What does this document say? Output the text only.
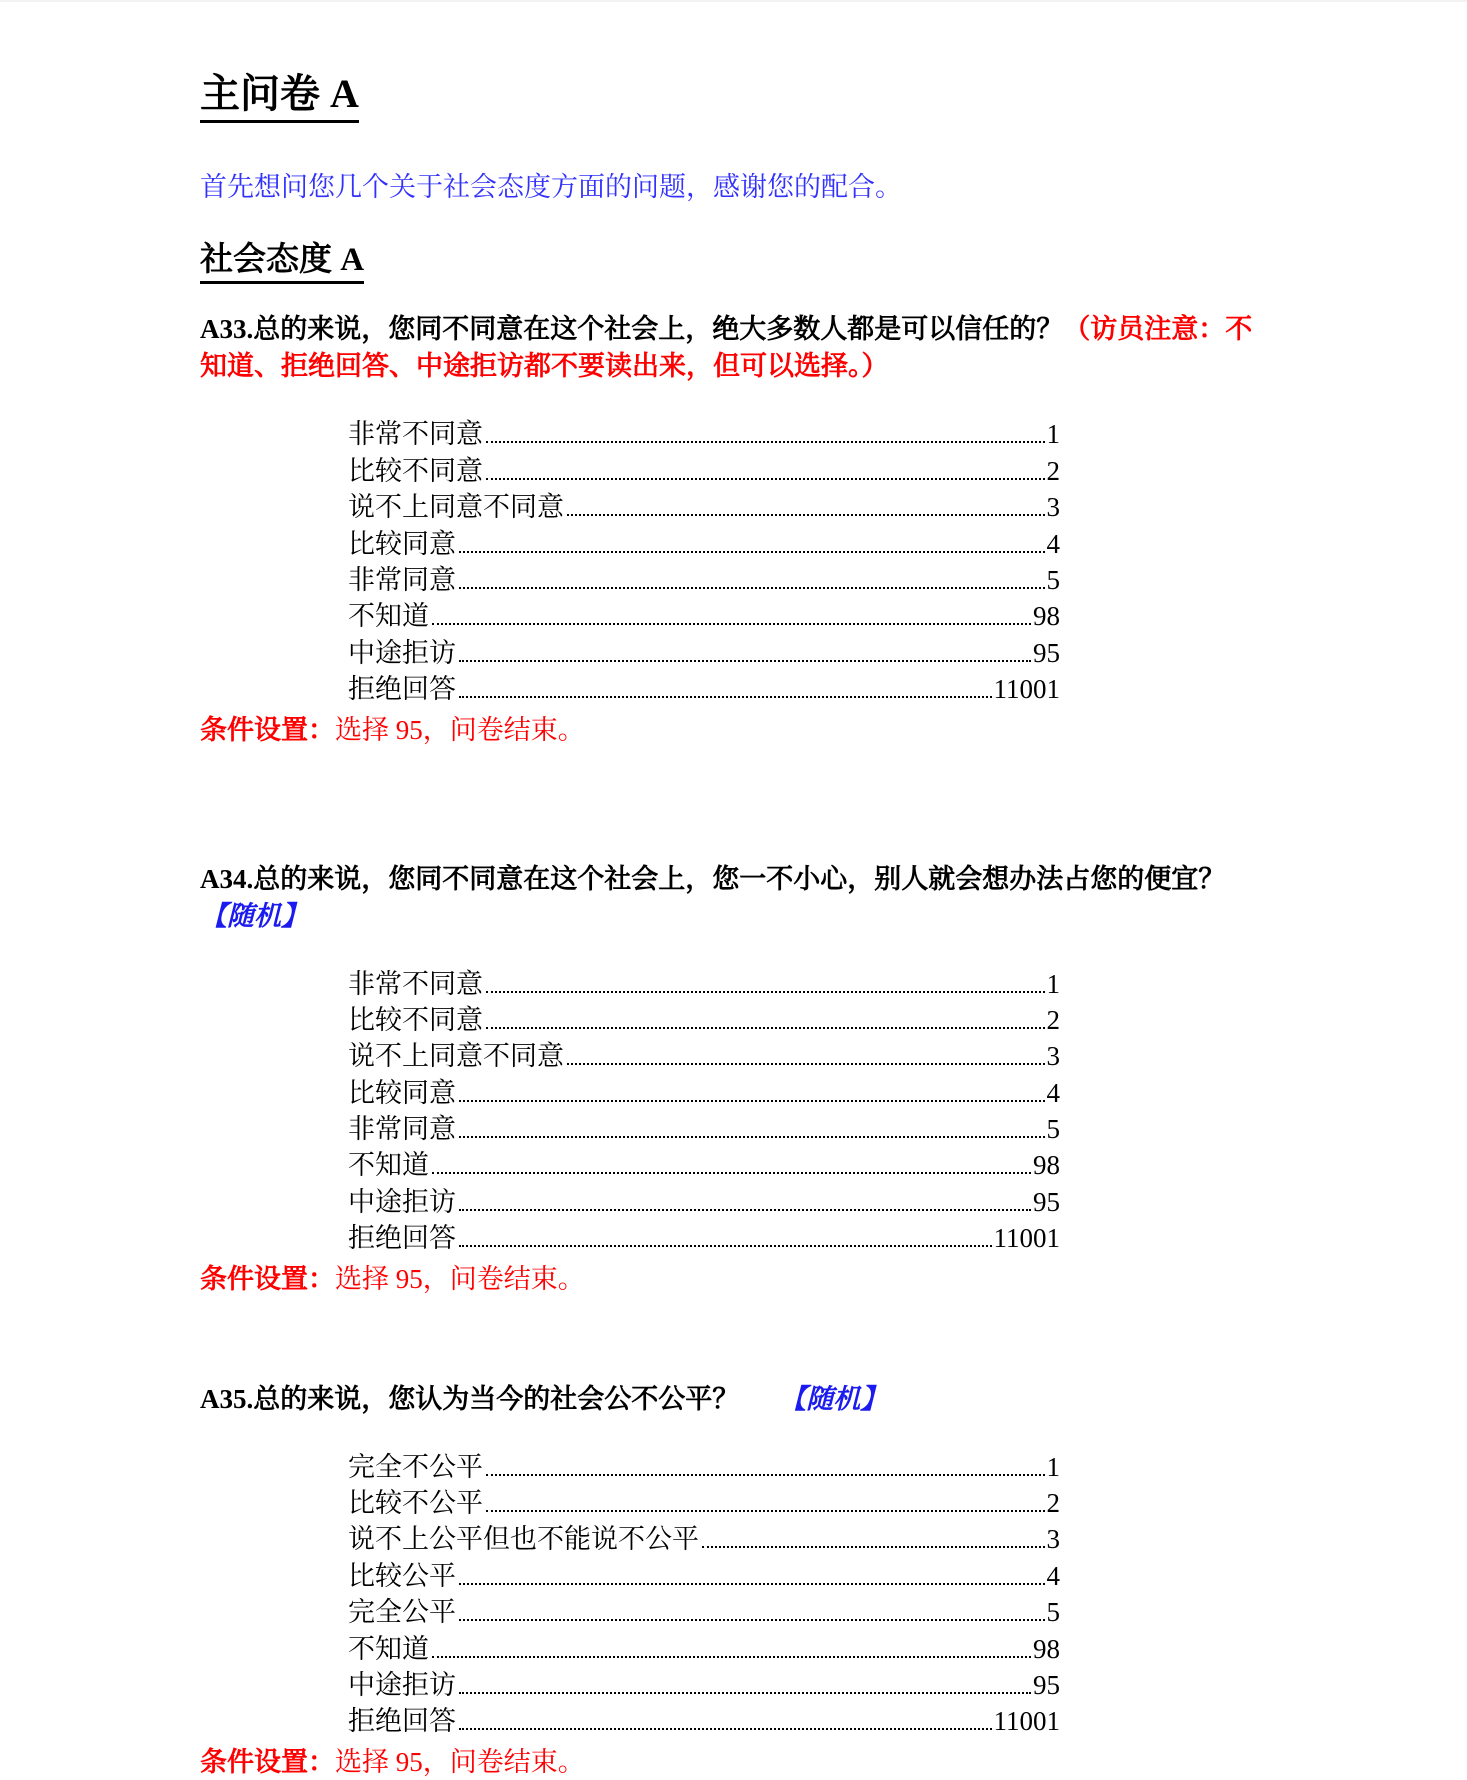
主问卷 A

首先想问您几个关于社会态度方面的问题，感谢您的配合。

社会态度 A

A33.总的来说，您同不同意在这个社会上，绝大多数人都是可以信任的？（访员注意：不知道、拒绝回答、中途拒访都不要读出来，但可以选择。）

非常不同意	1
比较不同意	2
说不上同意不同意	3
比较同意	4
非常同意	5
不知道	98
中途拒访	95
拒绝回答	11001

条件设置：选择 95，问卷结束。

A34.总的来说，您同不同意在这个社会上，您一不小心，别人就会想办法占您的便宜？【随机】

非常不同意	1
比较不同意	2
说不上同意不同意	3
比较同意	4
非常同意	5
不知道	98
中途拒访	95
拒绝回答	11001

条件设置：选择 95，问卷结束。

A35.总的来说，您认为当今的社会公不公平？ 【随机】

完全不公平	1
比较不公平	2
说不上公平但也不能说不公平	3
比较公平	4
完全公平	5
不知道	98
中途拒访	95
拒绝回答	11001

条件设置：选择 95，问卷结束。
